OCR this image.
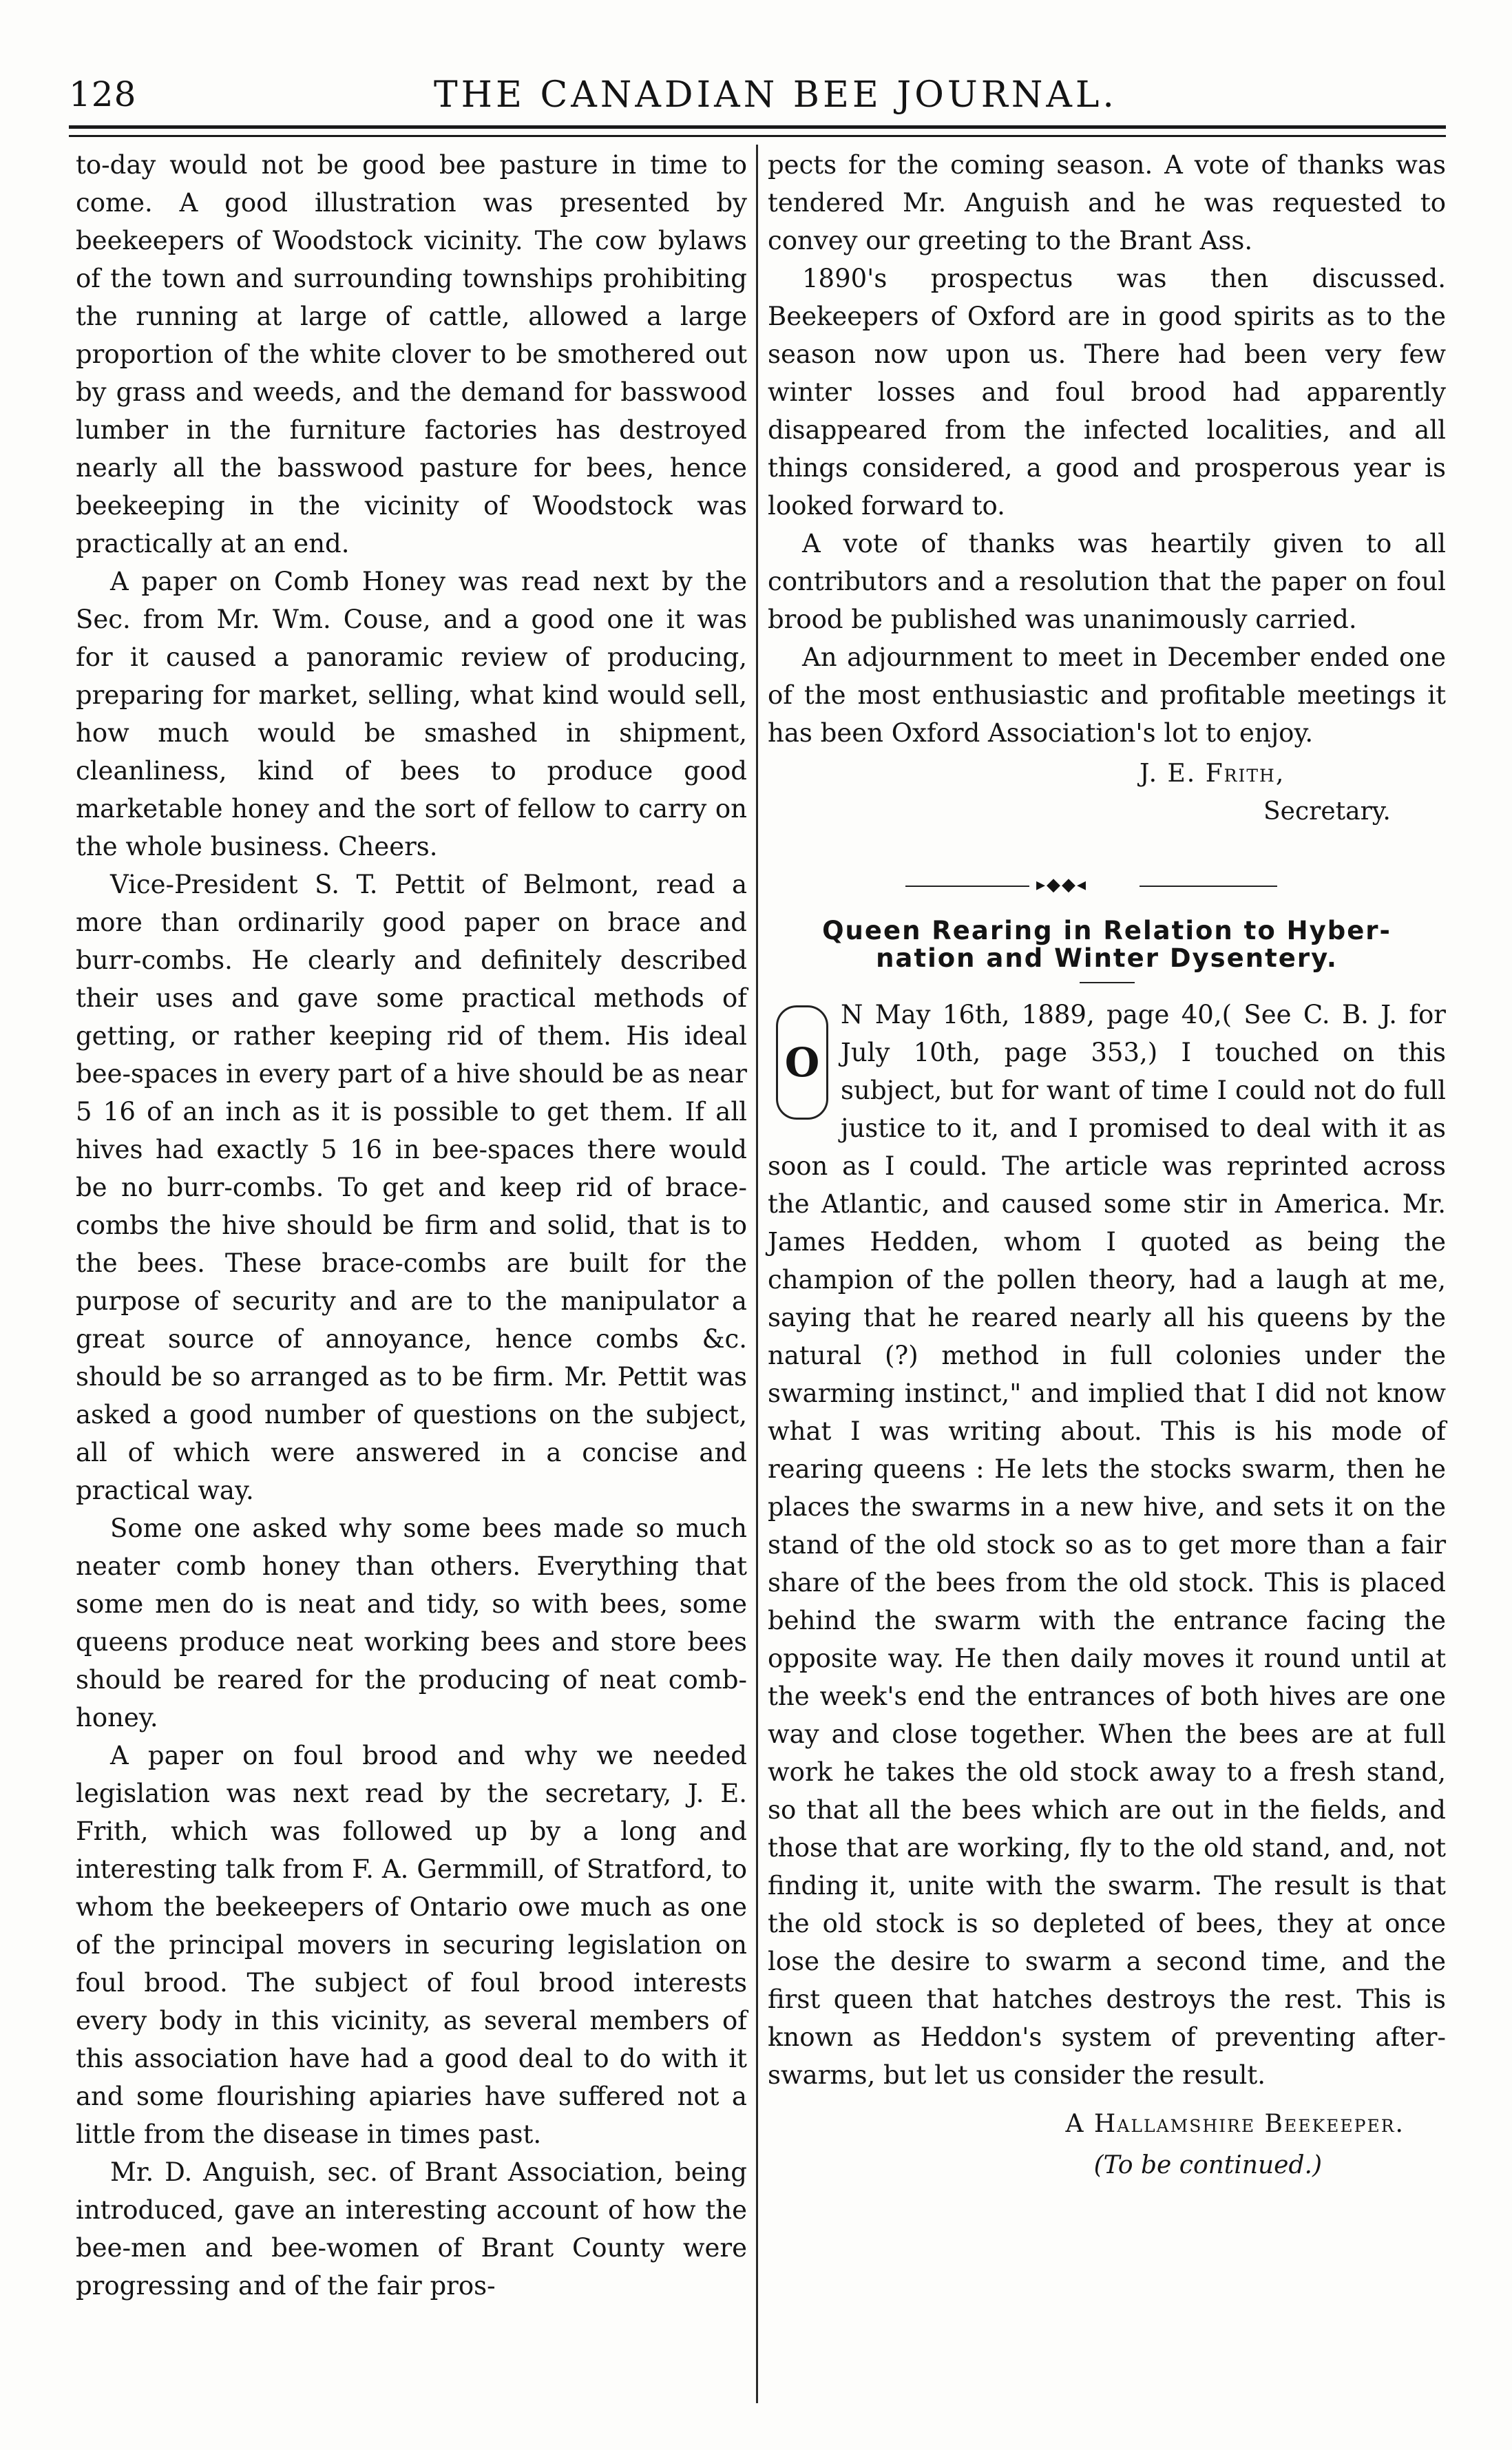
128	THE CANADIAN BEE JOURNAL.

to-day would not be good bee pasture in time to come. A good illustration was presented by beekeepers of Woodstock vicinity. The cow bylaws of the town and surrounding townships prohibiting the running at large of cattle, allowed a large proportion of the white clover to be smothered out by grass and weeds, and the demand for basswood lumber in the furniture factories has destroyed nearly all the basswood pasture for bees, hence beekeeping in the vicinity of Woodstock was practically at an end.

A paper on Comb Honey was read next by the Sec. from Mr. Wm. Couse, and a good one it was for it caused a panoramic review of producing, preparing for market, selling, what kind would sell, how much would be smashed in shipment, cleanliness, kind of bees to produce good marketable honey and the sort of fellow to carry on the whole business. Cheers.

Vice-President S. T. Pettit of Belmont, read a more than ordinarily good paper on brace and burr-combs. He clearly and definitely described their uses and gave some practical methods of getting, or rather keeping rid of them. His ideal bee-spaces in every part of a hive should be as near 5 16 of an inch as it is possible to get them. If all hives had exactly 5 16 in bee-spaces there would be no burr-combs. To get and keep rid of brace-combs the hive should be firm and solid, that is to the bees. These brace-combs are built for the purpose of security and are to the manipulator a great source of annoyance, hence combs &c. should be so arranged as to be firm. Mr. Pettit was asked a good number of questions on the subject, all of which were answered in a concise and practical way.

Some one asked why some bees made so much neater comb honey than others. Everything that some men do is neat and tidy, so with bees, some queens produce neat working bees and store bees should be reared for the producing of neat comb-honey.

A paper on foul brood and why we needed legislation was next read by the secretary, J. E. Frith, which was followed up by a long and interesting talk from F. A. Germmill, of Stratford, to whom the beekeepers of Ontario owe much as one of the principal movers in securing legislation on foul brood. The subject of foul brood interests every body in this vicinity, as several members of this association have had a good deal to do with it and some flourishing apiaries have suffered not a little from the disease in times past.

Mr. D. Anguish, sec. of Brant Association, being introduced, gave an interesting account of how the bee-men and bee-women of Brant County were progressing and of the fair pros-

pects for the coming season. A vote of thanks was tendered Mr. Anguish and he was requested to convey our greeting to the Brant Ass.

1890's prospectus was then discussed. Beekeepers of Oxford are in good spirits as to the season now upon us. There had been very few winter losses and foul brood had apparently disappeared from the infected localities, and all things considered, a good and prosperous year is looked forward to.

A vote of thanks was heartily given to all contributors and a resolution that the paper on foul brood be published was unanimously carried.

An adjournment to meet in December ended one of the most enthusiastic and profitable meetings it has been Oxford Association's lot to enjoy.

J. E. Frith,
Secretary.
▸◆◆◂
Queen Rearing in Relation to Hyber-
nation and Winter Dysentery.
O

N May 16th, 1889, page 40,( See C. B. J. for July 10th, page 353,) I touched on this subject, but for want of time I could not do full justice to it, and I promised to deal with it as soon as I could. The article was reprinted across the Atlantic, and caused some stir in America. Mr. James Hedden, whom I quoted as being the champion of the pollen theory, had a laugh at me, saying that he reared nearly all his queens by the natural (?) method in full colonies under the swarming instinct," and implied that I did not know what I was writing about. This is his mode of rearing queens : He lets the stocks swarm, then he places the swarms in a new hive, and sets it on the stand of the old stock so as to get more than a fair share of the bees from the old stock. This is placed behind the swarm with the entrance facing the opposite way. He then daily moves it round until at the week's end the entrances of both hives are one way and close together. When the bees are at full work he takes the old stock away to a fresh stand, so that all the bees which are out in the fields, and those that are working, fly to the old stand, and, not finding it, unite with the swarm. The result is that the old stock is so depleted of bees, they at once lose the desire to swarm a second time, and the first queen that hatches destroys the rest. This is known as Heddon's system of preventing after-swarms, but let us consider the result.

A Hallamshire Beekeeper.
(To be continued.)
